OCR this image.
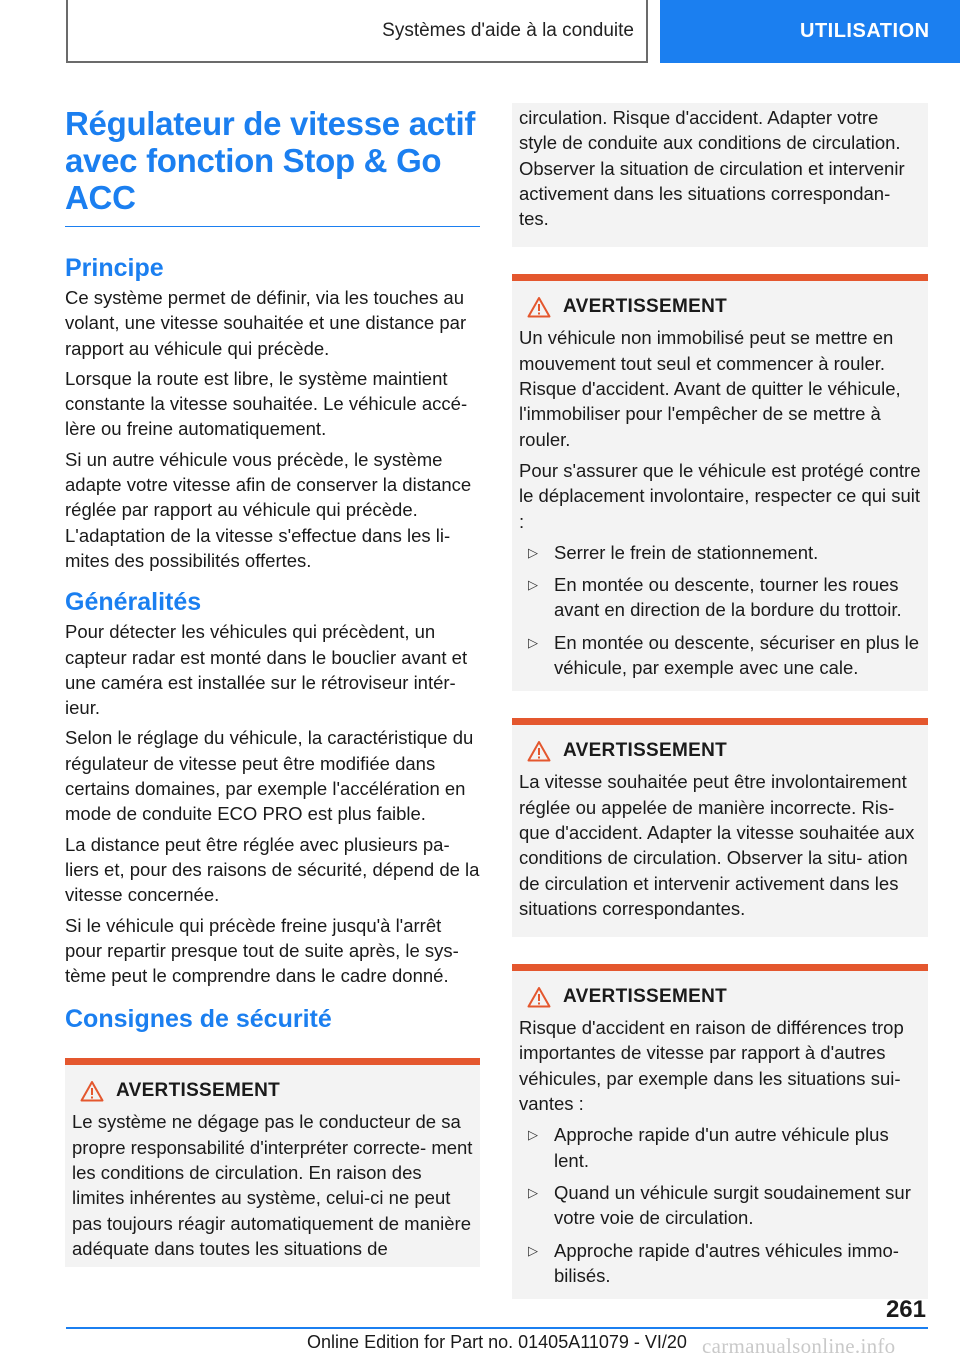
Systèmes d'aide à la conduite	UTILISATION
Régulateur de vitesse actif avec fonction Stop & Go ACC
Principe

Ce système permet de définir, via les touches au volant, une vitesse souhaitée et une distance par rapport au véhicule qui précède.

Lorsque la route est libre, le système maintient constante la vitesse souhaitée. Le véhicule accé- lère ou freine automatiquement.

Si un autre véhicule vous précède, le système adapte votre vitesse afin de conserver la distance réglée par rapport au véhicule qui précède. L'adaptation de la vitesse s'effectue dans les li- mites des possibilités offertes.

Généralités

Pour détecter les véhicules qui précèdent, un capteur radar est monté dans le bouclier avant et une caméra est installée sur le rétroviseur intér- ieur.

Selon le réglage du véhicule, la caractéristique du régulateur de vitesse peut être modifiée dans certains domaines, par exemple l'accélération en mode de conduite ECO PRO est plus faible.

La distance peut être réglée avec plusieurs pa- liers et, pour des raisons de sécurité, dépend de la vitesse concernée.

Si le véhicule qui précède freine jusqu'à l'arrêt pour repartir presque tout de suite après, le sys- tème peut le comprendre dans le cadre donné.

Consignes de sécurité
AVERTISSEMENT

Le système ne dégage pas le conducteur de sa propre responsabilité d'interpréter correcte- ment les conditions de circulation. En raison des limites inhérentes au système, celui-ci ne peut pas toujours réagir automatiquement de manière adéquate dans toutes les situations de

circulation. Risque d'accident. Adapter votre style de conduite aux conditions de circulation. Observer la situation de circulation et intervenir activement dans les situations correspondan- tes.

AVERTISSEMENT

Un véhicule non immobilisé peut se mettre en mouvement tout seul et commencer à rouler. Risque d'accident. Avant de quitter le véhicule, l'immobiliser pour l'empêcher de se mettre à rouler.

Pour s'assurer que le véhicule est protégé contre le déplacement involontaire, respecter ce qui suit :

▷ Serrer le frein de stationnement.
▷ En montée ou descente, tourner les roues avant en direction de la bordure du trottoir.
▷ En montée ou descente, sécuriser en plus le véhicule, par exemple avec une cale.
AVERTISSEMENT

La vitesse souhaitée peut être involontairement réglée ou appelée de manière incorrecte. Ris- que d'accident. Adapter la vitesse souhaitée aux conditions de circulation. Observer la situ- ation de circulation et intervenir activement dans les situations correspondantes.

AVERTISSEMENT

Risque d'accident en raison de différences trop importantes de vitesse par rapport à d'autres véhicules, par exemple dans les situations sui- vantes :

▷ Approche rapide d'un autre véhicule plus lent.
▷ Quand un véhicule surgit soudainement sur votre voie de circulation.
▷ Approche rapide d'autres véhicules immo- bilisés.
261
Online Edition for Part no. 01405A11079 - VI/20 carmanualsonline.info
